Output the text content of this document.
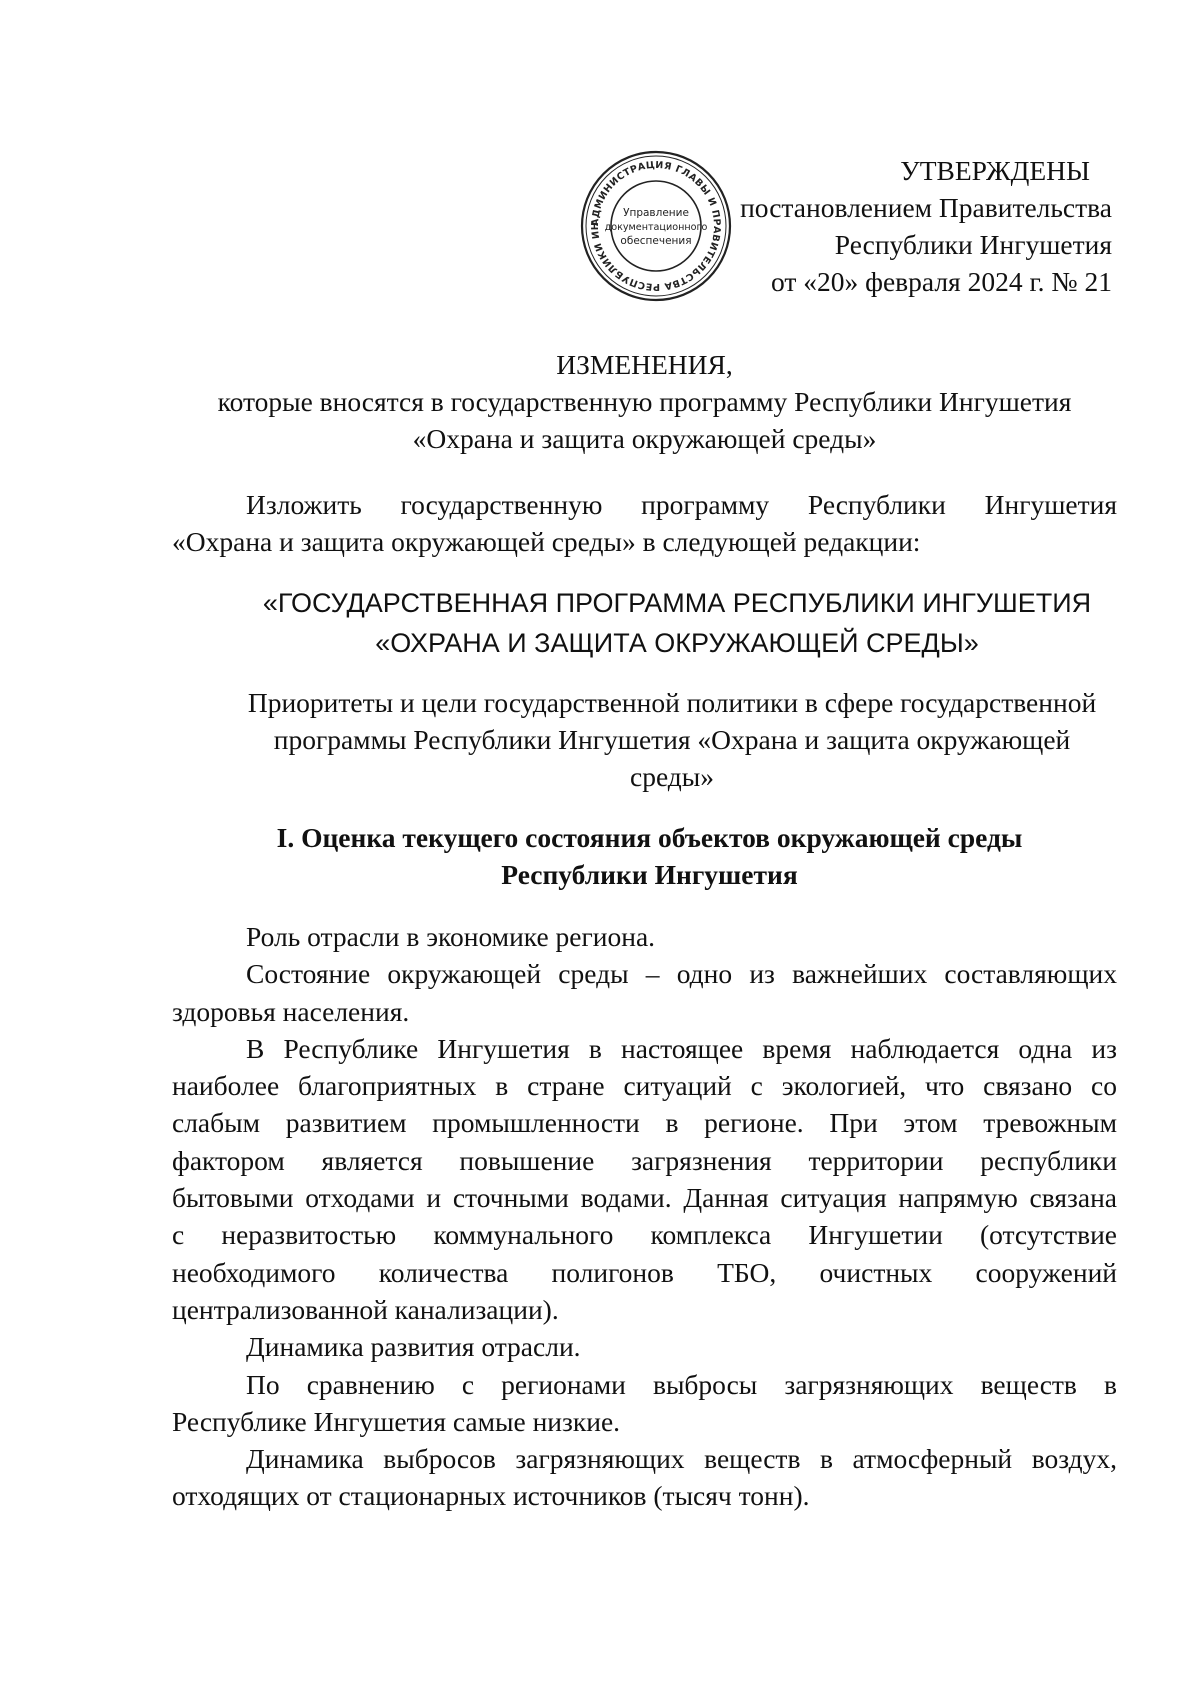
АДМИНИСТРАЦИЯ ГЛАВЫ И ПРАВИТЕЛЬСТВА РЕСПУБЛИКИ ИН
Управление
документационного
обеспечения

УТВЕРЖДЕНЫ

постановлением Правительства

Республики Ингушетия

от «20» февраля 2024 г. № 21

ИЗМЕНЕНИЯ,

которые вносятся в государственную программу Республики Ингушетия

«Охрана и защита окружающей среды»

Изложить государственную программу Республики Ингушетия

«Охрана и защита окружающей среды» в следующей редакции:

«ГОСУДАРСТВЕННАЯ ПРОГРАММА РЕСПУБЛИКИ ИНГУШЕТИЯ

«ОХРАНА И ЗАЩИТА ОКРУЖАЮЩЕЙ СРЕДЫ»

Приоритеты и цели государственной политики в сфере государственной

программы Республики Ингушетия «Охрана и защита окружающей

среды»

I. Оценка текущего состояния объектов окружающей среды

Республики Ингушетия

Роль отрасли в экономике региона.

Состояние окружающей среды – одно из важнейших составляющих

здоровья населения.

В Республике Ингушетия в настоящее время наблюдается одна из

наиболее благоприятных в стране ситуаций с экологией, что связано со

слабым развитием промышленности в регионе. При этом тревожным

фактором является повышение загрязнения территории республики

бытовыми отходами и сточными водами. Данная ситуация напрямую связана

с неразвитостью коммунального комплекса Ингушетии (отсутствие

необходимого количества полигонов ТБО, очистных сооружений

централизованной канализации).

Динамика развития отрасли.

По сравнению с регионами выбросы загрязняющих веществ в

Республике Ингушетия самые низкие.

Динамика выбросов загрязняющих веществ в атмосферный воздух,

отходящих от стационарных источников (тысяч тонн).
